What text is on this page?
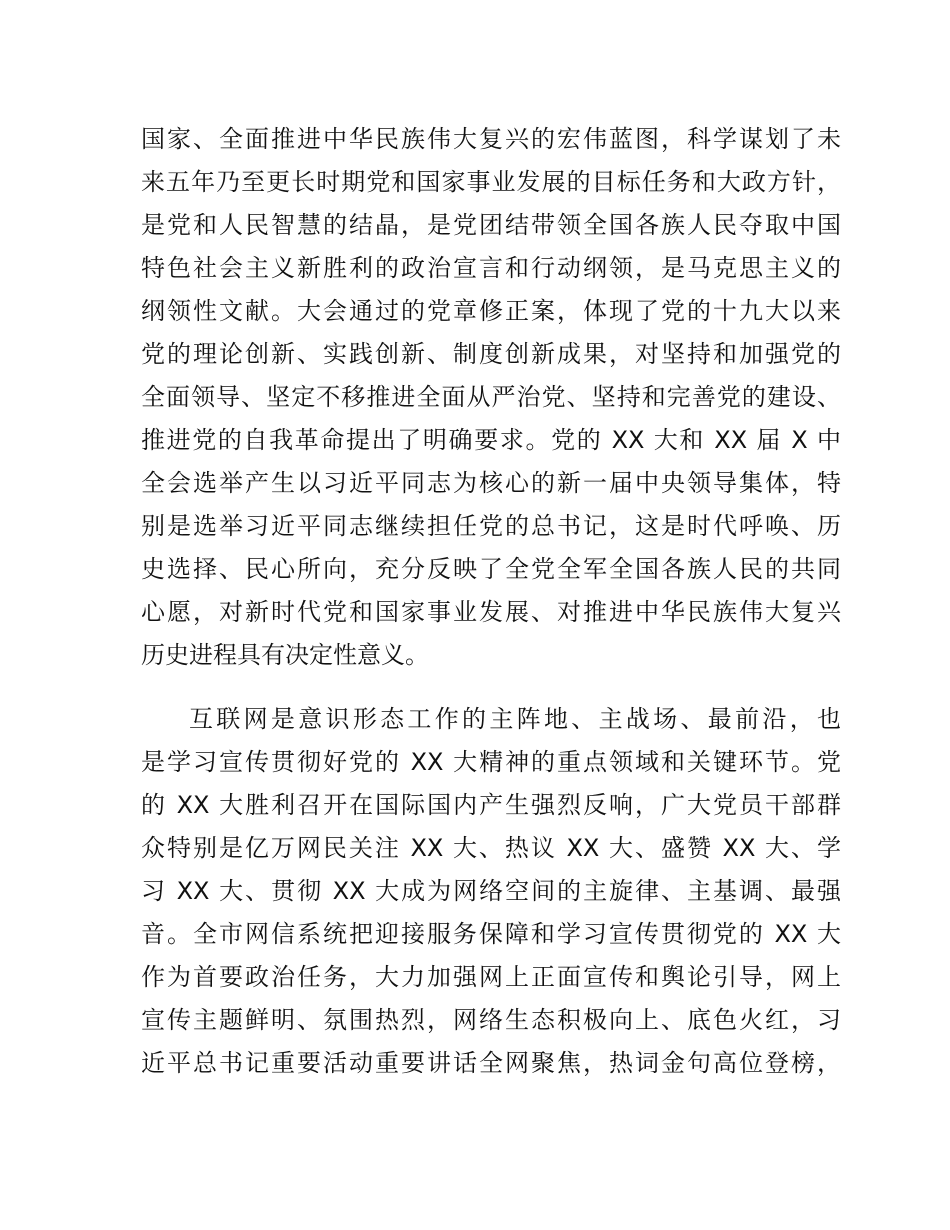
国家、全面推进中华民族伟大复兴的宏伟蓝图，科学谋划了未
来五年乃至更长时期党和国家事业发展的目标任务和大政方针，
是党和人民智慧的结晶，是党团结带领全国各族人民夺取中国
特色社会主义新胜利的政治宣言和行动纲领，是马克思主义的
纲领性文献。大会通过的党章修正案，体现了党的十九大以来
党的理论创新、实践创新、制度创新成果，对坚持和加强党的
全面领导、坚定不移推进全面从严治党、坚持和完善党的建设、
推进党的自我革命提出了明确要求。党的 XX 大和 XX 届 X 中
全会选举产生以习近平同志为核心的新一届中央领导集体，特
别是选举习近平同志继续担任党的总书记，这是时代呼唤、历
史选择、民心所向，充分反映了全党全军全国各族人民的共同
心愿，对新时代党和国家事业发展、对推进中华民族伟大复兴
历史进程具有决定性意义。
互联网是意识形态工作的主阵地、主战场、最前沿，也
是学习宣传贯彻好党的 XX 大精神的重点领域和关键环节。党
的 XX 大胜利召开在国际国内产生强烈反响，广大党员干部群
众特别是亿万网民关注 XX 大、热议 XX 大、盛赞 XX 大、学
习 XX 大、贯彻 XX 大成为网络空间的主旋律、主基调、最强
音。全市网信系统把迎接服务保障和学习宣传贯彻党的 XX 大
作为首要政治任务，大力加强网上正面宣传和舆论引导，网上
宣传主题鲜明、氛围热烈，网络生态积极向上、底色火红，习
近平总书记重要活动重要讲话全网聚焦，热词金句高位登榜，
